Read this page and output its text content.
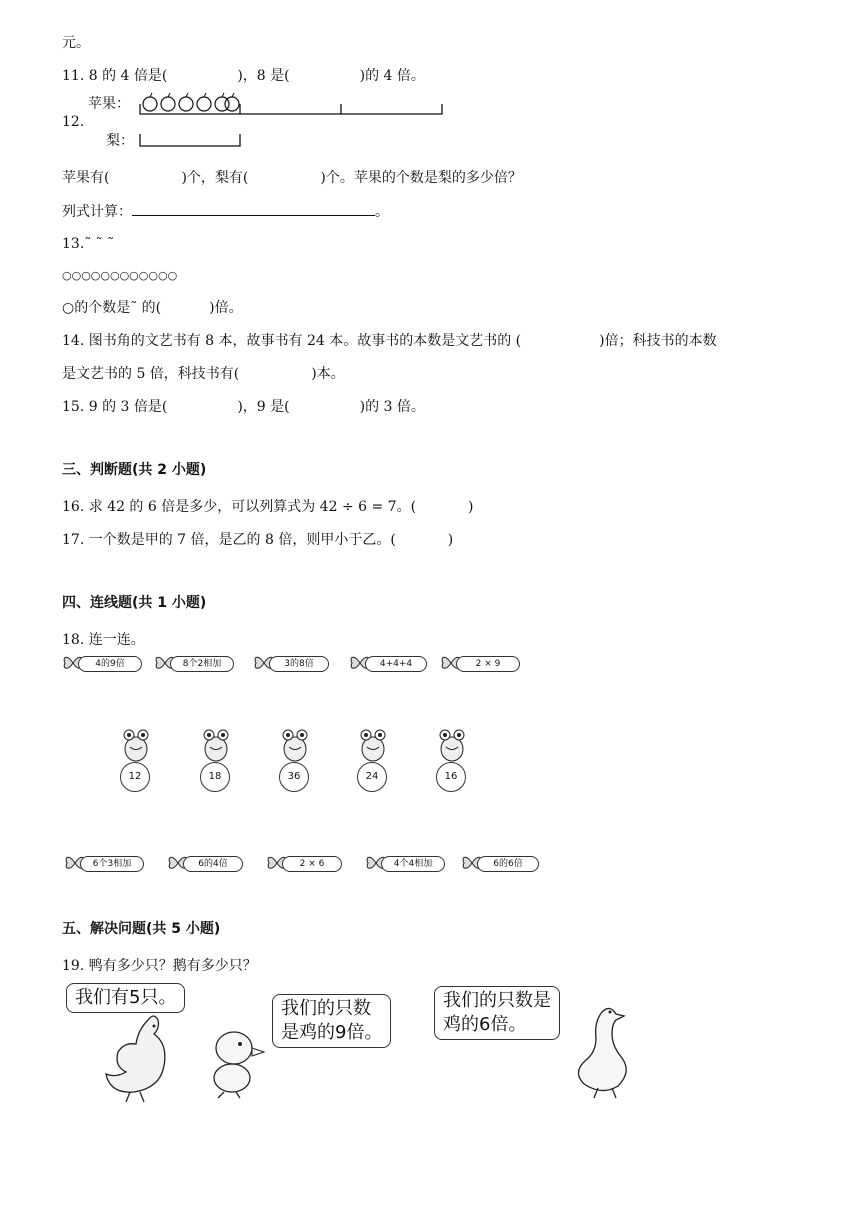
元。
11. 8 的 4 倍是(	)，8 是(	)的 4 倍。
12.
苹果：
梨：
苹果有(	)个，梨有(	)个。苹果的个数是梨的多少倍？
列式计算：	。
13.˜ ˜ ˜
○○○○○○○○○○○○
○的个数是˜ 的(	)倍。
14. 图书角的文艺书有 8 本，故事书有 24 本。故事书的本数是文艺书的 (	)倍；科技书的本数
是文艺书的 5 倍，科技书有(	)本。
15. 9 的 3 倍是(	)，9 是(	)的 3 倍。
三、判断题(共 2 小题)
16. 求 42 的 6 倍是多少，可以列算式为 42 ÷ 6 = 7。(	)
17. 一个数是甲的 7 倍，是乙的 8 倍，则甲小于乙。(	)
四、连线题(共 1 小题)
18. 连一连。
4的9倍	8个2相加	3的8倍	4+4+4	2 × 9
12	18	36	24	16
6个3相加	6的4倍	2 × 6	4个4相加	6的6倍
五、解决问题(共 5 小题)
19. 鸭有多少只？鹅有多少只？
我们有5只。
我们的只数
是鸡的9倍。
我们的只数是
鸡的6倍。
